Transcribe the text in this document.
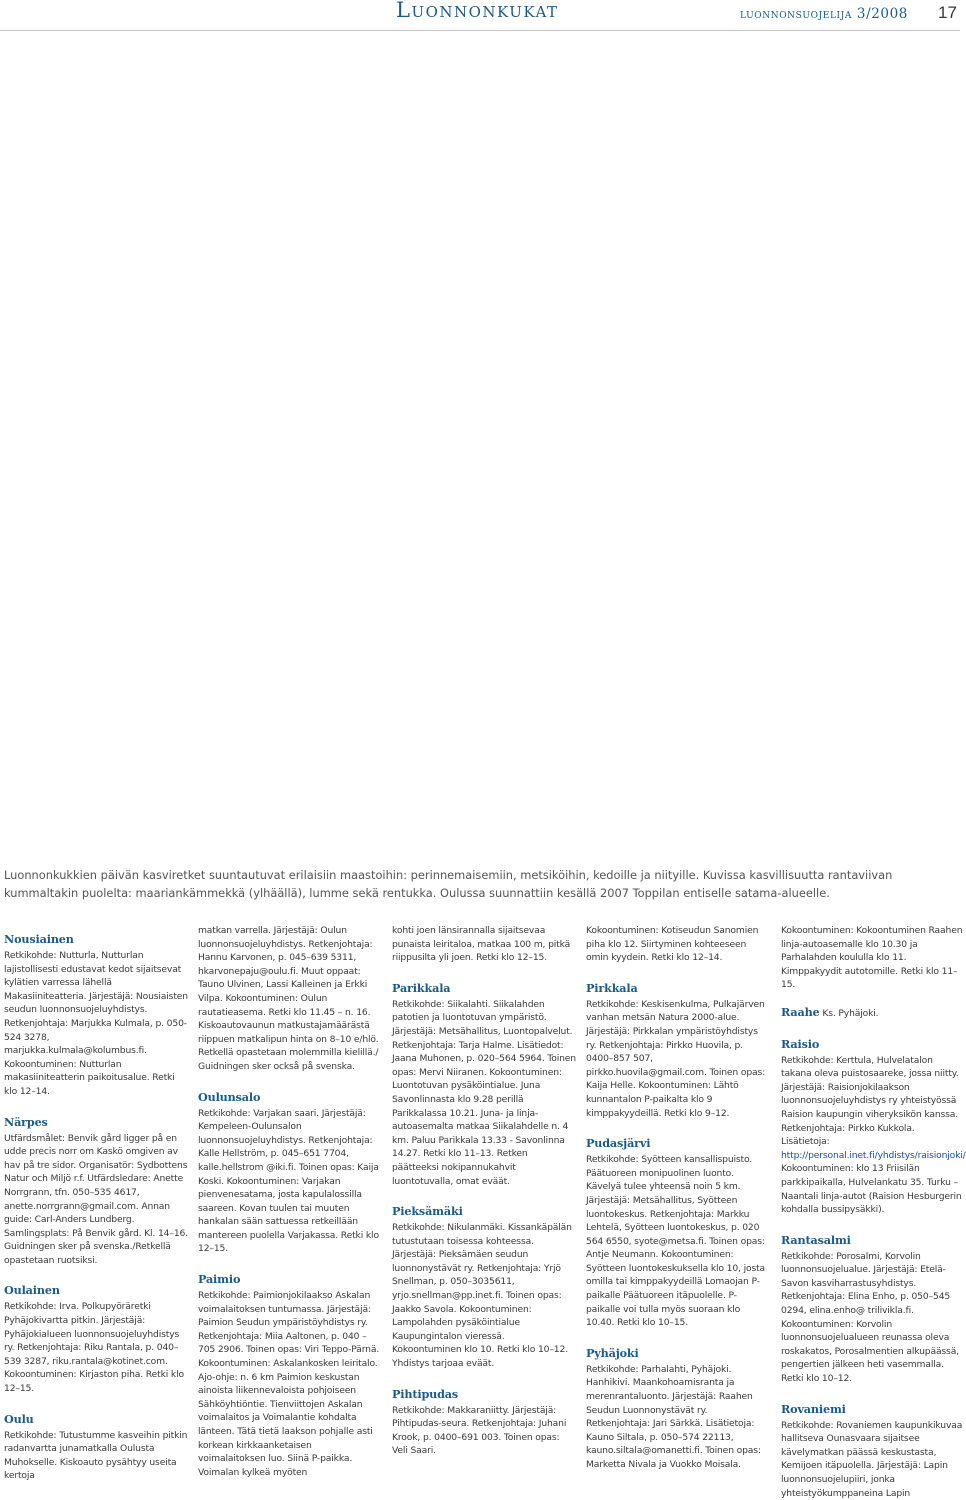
Luonnonkukat	luonnonsuojelija 3/2008 17
Luonnonkukkien päivän kasviretket suuntautuvat erilaisiin maastoihin: perinnemaisemiin, metsiköihin, kedoille ja niityille. Kuvissa kasvillisuutta rantaviivan kummaltakin puolelta: maariankämmekkä (ylhäällä), lumme sekä rentukka. Oulussa suunnattiin kesällä 2007 Toppilan entiselle satama-alueelle.
Nousiainen

Retkikohde: Nutturla, Nutturlan lajistollisesti edustavat kedot sijaitsevat kylätien varressa lähellä Makasiiniteatteria. Järjestäjä: Nousiaisten seudun luonnonsuojeluyhdistys. Retkenjohtaja: Marjukka Kulmala, p. 050-524 3278, marjukka.kulmala@kolumbus.fi. Kokoontuminen: Nutturlan makasiiniteatterin paikoitusalue. Retki klo 12–14.

Närpes

Utfärdsmålet: Benvik gård ligger på en udde precis norr om Kaskö omgiven av hav på tre sidor. Organisatör: Sydbottens Natur och Miljö r.f. Utfärdsledare: Anette Norrgrann, tfn. 050–535 4617, anette.norrgrann@gmail.com. Annan guide: Carl-Anders Lundberg. Samlingsplats: På Benvik gård. Kl. 14–16. Guidningen sker på svenska./Retkellä opastetaan ruotsiksi.

Oulainen

Retkikohde: Irva. Polkupyöräretki Pyhäjokivartta pitkin. Järjestäjä: Pyhäjokialueen luonnonsuojeluyhdistys ry. Retkenjohtaja: Riku Rantala, p. 040–539 3287, riku.rantala@kotinet.com. Kokoontuminen: Kirjaston piha. Retki klo 12–15.

Oulu

Retkikohde: Tutustumme kasveihin pitkin radanvartta junamatkalla Oulusta Muhokselle. Kiskoauto pysähtyy useita kertoja

matkan varrella. Järjestäjä: Oulun luonnonsuojeluyhdistys. Retkenjohtaja: Hannu Karvonen, p. 045–639 5311, hkarvonepaju@oulu.fi. Muut oppaat: Tauno Ulvinen, Lassi Kalleinen ja Erkki Vilpa. Kokoontuminen: Oulun rautatieasema. Retki klo 11.45 – n. 16. Kiskoautovaunun matkustajamäärästä riippuen matkalipun hinta on 8–10 e/hlö. Retkellä opastetaan molemmilla kielillä./ Guidningen sker också på svenska.

Oulunsalo

Retkikohde: Varjakan saari. Järjestäjä: Kempeleen-Oulunsalon luonnonsuojeluyhdistys. Retkenjohtaja: Kalle Hellström, p. 045–651 7704, kalle.hellstrom @iki.fi. Toinen opas: Kaija Koski. Kokoontuminen: Varjakan pienvenesatama, josta kapulalossilla saareen. Kovan tuulen tai muuten hankalan sään sattuessa retkeillään mantereen puolella Varjakassa. Retki klo 12–15.

Paimio

Retkikohde: Paimionjokilaakso Askalan voimalaitoksen tuntumassa. Järjestäjä: Paimion Seudun ympäristöyhdistys ry. Retkenjohtaja: Miia Aaltonen, p. 040 –705 2906. Toinen opas: Viri Teppo-Pärnä. Kokoontuminen: Askalankosken leiritalo. Ajo-ohje: n. 6 km Paimion keskustan ainoista liikennevaloista pohjoiseen Sähköyhtiöntie. Tienviittojen Askalan voimalaitos ja Voimalantie kohdalta länteen. Tätä tietä laakson pohjalle asti korkean kirkkaanketaisen voimalaitoksen luo. Siinä P-paikka. Voimalan kylkeä myöten

kohti joen länsirannalla sijaitsevaa punaista leiritaloa, matkaa 100 m, pitkä riippusilta yli joen. Retki klo 12–15.

Parikkala

Retkikohde: Siikalahti. Siikalahden patotien ja luontotuvan ympäristö. Järjestäjä: Metsähallitus, Luontopalvelut. Retkenjohtaja: Tarja Halme. Lisätiedot: Jaana Muhonen, p. 020–564 5964. Toinen opas: Mervi Niiranen. Kokoontuminen: Luontotuvan pysäköintialue. Juna Savonlinnasta klo 9.28 perillä Parikkalassa 10.21. Juna- ja linja-autoasemalta matkaa Siikalahdelle n. 4 km. Paluu Parikkala 13.33 - Savonlinna 14.27. Retki klo 11–13. Retken päätteeksi nokipannukahvit luontotuvalla, omat eväät.

Pieksämäki

Retkikohde: Nikulanmäki. Kissankäpälän tutustutaan toisessa kohteessa. Järjestäjä: Pieksämäen seudun luonnonystävät ry. Retkenjohtaja: Yrjö Snellman, p. 050–3035611, yrjo.snellman@pp.inet.fi. Toinen opas: Jaakko Savola. Kokoontuminen: Lampolahden pysäköintialue Kaupungintalon vieressä. Kokoontuminen klo 10. Retki klo 10–12. Yhdistys tarjoaa eväät.

Pihtipudas

Retkikohde: Makkaraniitty. Järjestäjä: Pihtipudas-seura. Retkenjohtaja: Juhani Krook, p. 0400–691 003. Toinen opas: Veli Saari.

Kokoontuminen: Kotiseudun Sanomien piha klo 12. Siirtyminen kohteeseen omin kyydein. Retki klo 12–14.

Pirkkala

Retkikohde: Keskisenkulma, Pulkajärven vanhan metsän Natura 2000-alue. Järjestäjä: Pirkkalan ympäristöyhdistys ry. Retkenjohtaja: Pirkko Huovila, p. 0400–857 507, pirkko.huovila@gmail.com. Toinen opas: Kaija Helle. Kokoontuminen: Lähtö kunnantalon P-paikalta klo 9 kimppakyydeillä. Retki klo 9–12.

Pudasjärvi

Retkikohde: Syötteen kansallispuisto. Päätuoreen monipuolinen luonto. Kävelyä tulee yhteensä noin 5 km. Järjestäjä: Metsähallitus, Syötteen luontokeskus. Retkenjohtaja: Markku Lehtelä, Syötteen luontokeskus, p. 020 564 6550, syote@metsa.fi. Toinen opas: Antje Neumann. Kokoontuminen: Syötteen luontokeskuksella klo 10, josta omilla tai kimppakyydeillä Lomaojan P-paikalle Päätuoreen itäpuolelle. P-paikalle voi tulla myös suoraan klo 10.40. Retki klo 10–15.

Pyhäjoki

Retkikohde: Parhalahti, Pyhäjoki. Hanhikivi. Maankohoamisranta ja merenrantaluonto. Järjestäjä: Raahen Seudun Luonnonystävät ry. Retkenjohtaja: Jari Särkkä. Lisätietoja: Kauno Siltala, p. 050–574 22113, kauno.siltala@omanetti.fi. Toinen opas: Marketta Nivala ja Vuokko Moisala.

Kokoontuminen: Kokoontuminen Raahen linja-autoasemalle klo 10.30 ja Parhalahden koululla klo 11. Kimppakyydit autotomille. Retki klo 11–15.

Raahe Ks. Pyhäjoki.

Raisio

Retkikohde: Kerttula, Hulvelatalon takana oleva puistosaareke, jossa niitty. Järjestäjä: Raisionjokilaakson luonnonsuojeluyhdistys ry yhteistyössä Raision kaupungin viheryksikön kanssa. Retkenjohtaja: Pirkko Kukkola. Lisätietoja: http://personal.inet.fi/yhdistys/raisionjoki/ Kokoontuminen: klo 13 Friisilän parkkipaikalla, Hulvelankatu 35. Turku – Naantali linja-autot (Raision Hesburgerin kohdalla bussipysäkki).

Rantasalmi

Retkikohde: Porosalmi, Korvolin luonnonsuojelualue. Järjestäjä: Etelä-Savon kasviharrastusyhdistys. Retkenjohtaja: Elina Enho, p. 050–545 0294, elina.enho@ trilivikla.fi. Kokoontuminen: Korvolin luonnonsuojelualueen reunassa oleva roskakatos, Porosalmentien alkupäässä, pengertien jälkeen heti vasemmalla. Retki klo 10–12.

Rovaniemi

Retkikohde: Rovaniemen kaupunkikuvaa hallitseva Ounasvaara sijaitsee kävelymatkan päässä keskustasta, Kemijoen itäpuolella. Järjestäjä: Lapin luonnonsuojelupiiri, jonka yhteistyökumppaneina Lapin
